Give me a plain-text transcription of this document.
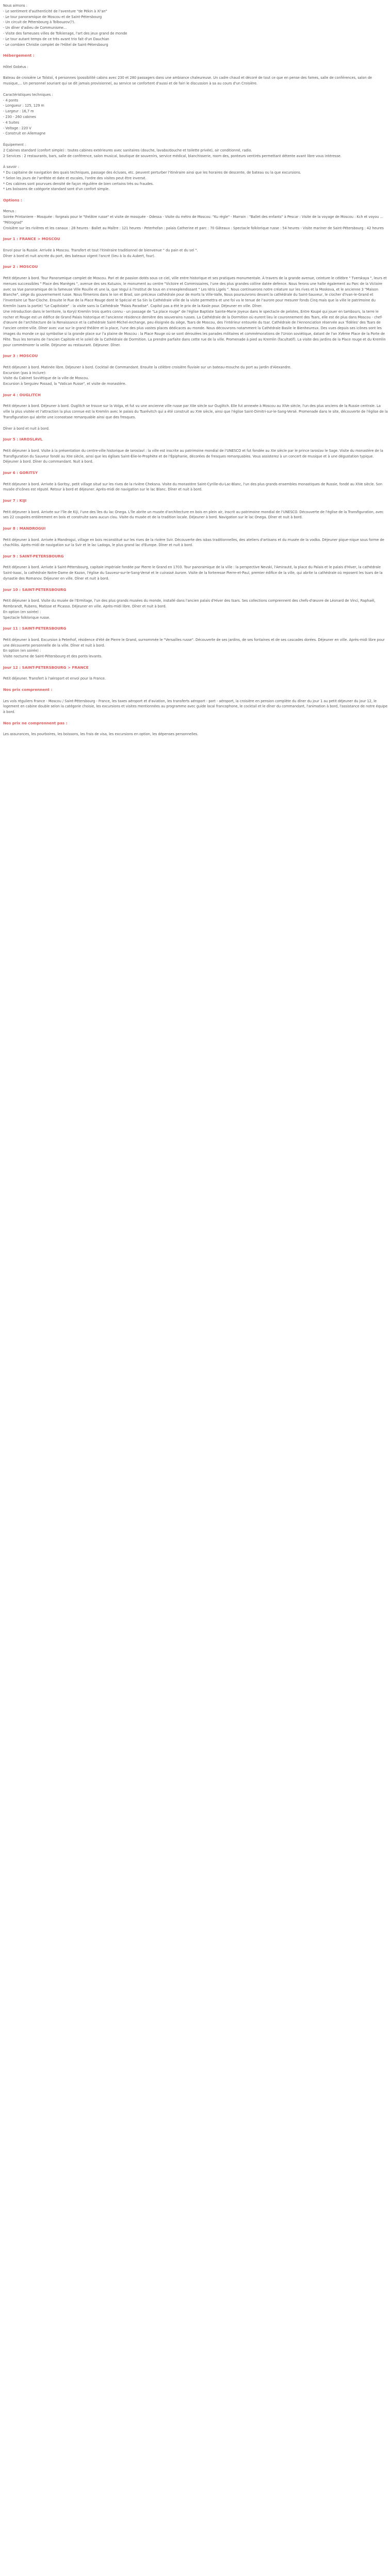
Nous aimons :

- Le sentiment d'authenticité de l'aventure "de Pékin à Xi'an"

- Le tour panoramique de Moscou et de Saint-Pétersbourg

- Un circuit de Pétersbourg à Tolbouzov(?).

- Un dîner d'adieu de Communisme...

- Visite des fameuses villes de Tolkienage, l'art des jeux grand de monde

- Le tour autant temps de ce très avant trio fait d'un Dauchian

- Le combien Christie complet de l'Hôtel de Saint-Pétersbourg

Hébergement :

Hôtel Gobéus :

Bateau de croisière Le Tolstoï, 4 personnes (possibilité cabins avec 230 et 280 passagers dans une ambiance chaleureuse. Un cadre chaud et décoré de tout ce que en pense des fames, salle de conférences, salon de musique,... Un personnel souriant qui se dit jamais provisionnel, au service se confortent d'aussi et de fairi le discussion à sa au cours d'un Croisière.

Caractéristiques techniques :

- 4 ponts

- Longueur : 125, 129 m

- Largeur : 16,7 m

- 230 - 260 cabines

- 4 Suites

- Voltage : 220 V

- Construit en Allemagne

Équipement :

2 Cabines standard (confort simple) : toutes cabines extérieures avec sanitaires (douche, lavabo/douche et toilette privée), air conditionné, radio.

2 Services : 2 restaurants, bars, salle de conférence, salon musical, boutique de souvenirs, service médical, blanchisserie, room des, ponteurs ventirés permettant détente avant libre vous intéresse.

À savoir :

* Du capitaine de navigation des quais techniques, passage des écluses, etc. peuvent perturber l'itinéraire ainsi que les horaires de descente, de bateau ou la que excursions.

* Selon les jours de l'arrêtée et date et escales, l'ordre des visites peut être inversé.

* Ces cabines sont pourvues densité de façon régulière de bien certains très ou fraudes.

* Les boissons de catégorie standard sont d'un confort simple.

Options :

Menus :

Soirée Printaniere - Mosquée : forgeais pour le "théâtre russe" et visite de mosquée - Odessa - Visite du métro de Moscou: "Ku règle" - Marrain : "Ballet des enfants" à Pescar : Visite de la voyage de Moscou : Kch et voyou ... "Pétrograd"

Croisière sur les rivières et les canaux : 28 heures - Ballet au Maître : 121 heures - Peterhofan : palais Catherine et parc : 70 Gâteaux : Spectacle folklorique russe : 54 heures - Visite mariner de Saint-Pétersbourg : 42 heures

Jour 1 : FRANCE > MOSCOU

Envol pour la Russie. Arrivée à Moscou. Transfert et tout l'itinéraire traditionnel de bienvenue " du pain et du sel ".

Dîner à bord et nuit ancrée du port, des bateaux vigent l'ancré (lieu à la du Aubert, four).

Jour 2 : MOSCOU

Petit déjeuner à bord. Tour Panoramique complet de Moscou. Pari et de passion dotés sous ce ciel, ville entre historique et ses pratiques monumentale. À travers de la grande avenue, ceinture le célèbre " Tverskaya ", leurs et menues successibles " Place des Manèges ", avenue des ses Kutuzov, le monument au centre "Victoire et Commissaires, l'une des plus grandes colline datée defence. Nous ferons une halte également au Parc de la Victoire avec sa Vue panoramique de la fameuse Ville Rouille et une la, que Vogul à l'Institut de tous en s'enexplendissant " Les Idris Ligels ". Nous continuerons notre créature sur les rives et la Moskova, et le ancienne 3 "Maison Blanche", siège du gouvernement russe. Nous filmerons dans le ion et Brad, son précieux cathédrale pour de morts la Ville-Valle, Nous poursuivrons devant la cathédrale du Saint-Sauveur, le clocher d'Ivan-le-Grand et l'inventaire Le Tsar-Cloche. Ensuite le Rue de la Place Rouge dont le Spécial et Sa Sin la Cathédrale ville de la visite permettra et une foi va le tenue de l'aurore pour mesurer fonds Cinq mais que la ville le patrimoine du Kremlin (sans la partie) "Le Capitolate" : la visite sans la Cathédrale "Palais Paradise". Capitol pas a été le prix de la Kasle pour. Déjeuner en ville. Dîner.

Une introduction dans le territoire, la Koryl/ Kremlin trois quetrs connu - un passage de "La place rouge" de l'église Baptiste Sainte-Marie Joyeux dans le spectacle de pelotes, Entre Koupé qui jouer en tambours, la terre le rocher et Rouge est un édifice de Grand Palais historique et l'ancienne résidence dernière des souverains russes. La Cathédrale de la Dormition où eurent lieu le couronnement des Tsars, elle est de plus dans Moscou - chef-d'œuvre de l'architecture de la Renaissance et la cathédrale Saint-Michel-Archange, peu éloignée du siège, Tsars de Moscou, des l'intérieur entourée du tsar. Cathédrale de l'Annonciation réservée aux 'fidèles' des Tsars de l'ancien centre-ville. Dîner avec vue sur le grand théâtre et la place, l'une des plus vastes places dédicaces au monde. Nous découvrons notamment la Cathédrale Basile le Bienheureux. Des vues depuis ses icônes sont les images du monde ce qui symbolise si la grande place sur l'a plaine de Moscou : la Place Rouge où se sont déroulées les parades militaires et commémorations de l'Union soviétique, datant de l'an XVème Place de la Porte de Fête. Tous les terrains de l'ancien Capitole et le soleil de la Cathédrale de Dormition. La prendre parfaite dans cette rue de la ville. Promenade à pied au Kremlin (facultatif). La visite des jardins de la Place rouge et du Kremlin pour commémorer la veille. Déjeuner au restaurant. Déjeuner. Dîner.

Jour 3 : MOSCOU

Petit déjeuner à bord. Matinée libre. Déjeuner à bord. Cocktail de Commandant. Ensuite la célèbre croisière fluviale sur un bateau-mouche du port au jardin d'Alexandre.

Excursion (pas à inclure):

Visite du Cabinet Soviétique de la ville de Moscou.

Excursion à Serguiev Possad, la "Vatican Russe", et visite de monastère.

Jour 4 : OUGLITCH

Petit déjeuner à bord. Déjeuner à bord. Ouglitch se trouve sur la Volga, et fut vu une ancienne ville russe par XIIe siècle sur Ouglitch. Elle fut annexée à Moscou au XIVe siècle, l'un des plus anciens de la Russie centrale. La ville la plus visitée et l'attraction la plus connue est la Kremlin avec le palais du Tsarévitch qui a été construit au XVe siècle, ainsi que l'église Saint-Dimitri-sur-le-Sang-Versé. Promenade dans le site, découverte de l'église de la Transfiguration qui abrite une iconostase remarquable ainsi que des fresques.

Dîner à bord et nuit à bord.

Jour 5 : IAROSLAVL

Petit déjeuner à bord. Visite à la présentation du centre-ville historique de Iaroslavl : la ville est inscrite au patrimoine mondial de l'UNESCO et fut fondée au XIe siècle par le prince Iaroslav le Sage. Visite du monastère de la Transfiguration du Sauveur fondé au XIIe siècle, ainsi que les églises Saint-Élie-le-Prophète et de l'Épiphanie, décorées de fresques remarquables. Vous assisterez à un concert de musique et à une dégustation typique. Déjeuner à bord. Dîner du commandant. Nuit à bord.

Jour 6 : GORITSY

Petit déjeuner à bord. Arrivée à Goritsy, petit village situé sur les rives de la rivière Cheksna. Visite du monastère Saint-Cyrille-du-Lac-Blanc, l'un des plus grands ensembles monastiques de Russie, fondé au XIVe siècle. Son musée d'icônes est réputé. Retour à bord et déjeuner. Après-midi de navigation sur le lac Blanc. Dîner et nuit à bord.

Jour 7 : KIJI

Petit déjeuner à bord. Arrivée sur l'île de Kiji, l'une des îles du lac Onega. L'île abrite un musée d'architecture en bois en plein air, inscrit au patrimoine mondial de l'UNESCO. Découverte de l'église de la Transfiguration, avec ses 22 coupoles entièrement en bois et construite sans aucun clou. Visite du musée et de la tradition locale. Déjeuner à bord. Navigation sur le lac Onega. Dîner et nuit à bord.

Jour 8 : MANDROGUI

Petit déjeuner à bord. Arrivée à Mandrogui, village en bois reconstitué sur les rives de la rivière Svir. Découverte des isbas traditionnelles, des ateliers d'artisans et du musée de la vodka. Déjeuner pique-nique sous forme de chachliks. Après-midi de navigation sur la Svir et le lac Ladoga, le plus grand lac d'Europe. Dîner et nuit à bord.

Jour 9 : SAINT-PETERSBOURG

Petit déjeuner à bord. Arrivée à Saint-Pétersbourg, capitale impériale fondée par Pierre le Grand en 1703. Tour panoramique de la ville : la perspective Nevski, l'Amirauté, la place du Palais et le palais d'Hiver, la cathédrale Saint-Isaac, la cathédrale Notre-Dame de Kazan, l'église du Sauveur-sur-le-Sang-Versé et le cuirassé Aurore. Visite de la forteresse Pierre-et-Paul, premier édifice de la ville, qui abrite la cathédrale où reposent les tsars de la dynastie des Romanov. Déjeuner en ville. Dîner et nuit à bord.

Jour 10 : SAINT-PETERSBOURG

Petit déjeuner à bord. Visite du musée de l'Ermitage, l'un des plus grands musées du monde, installé dans l'ancien palais d'Hiver des tsars. Ses collections comprennent des chefs-d'œuvre de Léonard de Vinci, Raphaël, Rembrandt, Rubens, Matisse et Picasso. Déjeuner en ville. Après-midi libre. Dîner et nuit à bord.

En option (en soirée) :

Spectacle folklorique russe.

Jour 11 : SAINT-PETERSBOURG

Petit déjeuner à bord. Excursion à Peterhof, résidence d'été de Pierre le Grand, surnommée le "Versailles russe". Découverte de ses jardins, de ses fontaines et de ses cascades dorées. Déjeuner en ville. Après-midi libre pour une découverte personnelle de la ville. Dîner et nuit à bord.

En option (en soirée) :

Visite nocturne de Saint-Pétersbourg et des ponts levants.

Jour 12 : SAINT-PETERSBOURG > FRANCE

Petit déjeuner. Transfert à l'aéroport et envol pour la France.

Nos prix comprennent :

Les vols réguliers France - Moscou / Saint-Pétersbourg - France, les taxes aéroport et d'aviation, les transferts aéroport - port - aéroport, la croisière en pension complète du dîner du jour 1 au petit déjeuner du jour 12, le logement en cabine double selon la catégorie choisie, les excursions et visites mentionnées au programme avec guide local francophone, le cocktail et le dîner du commandant, l'animation à bord, l'assistance de notre équipe à bord.

Nos prix ne comprennent pas :

Les assurances, les pourboires, les boissons, les frais de visa, les excursions en option, les dépenses personnelles.
